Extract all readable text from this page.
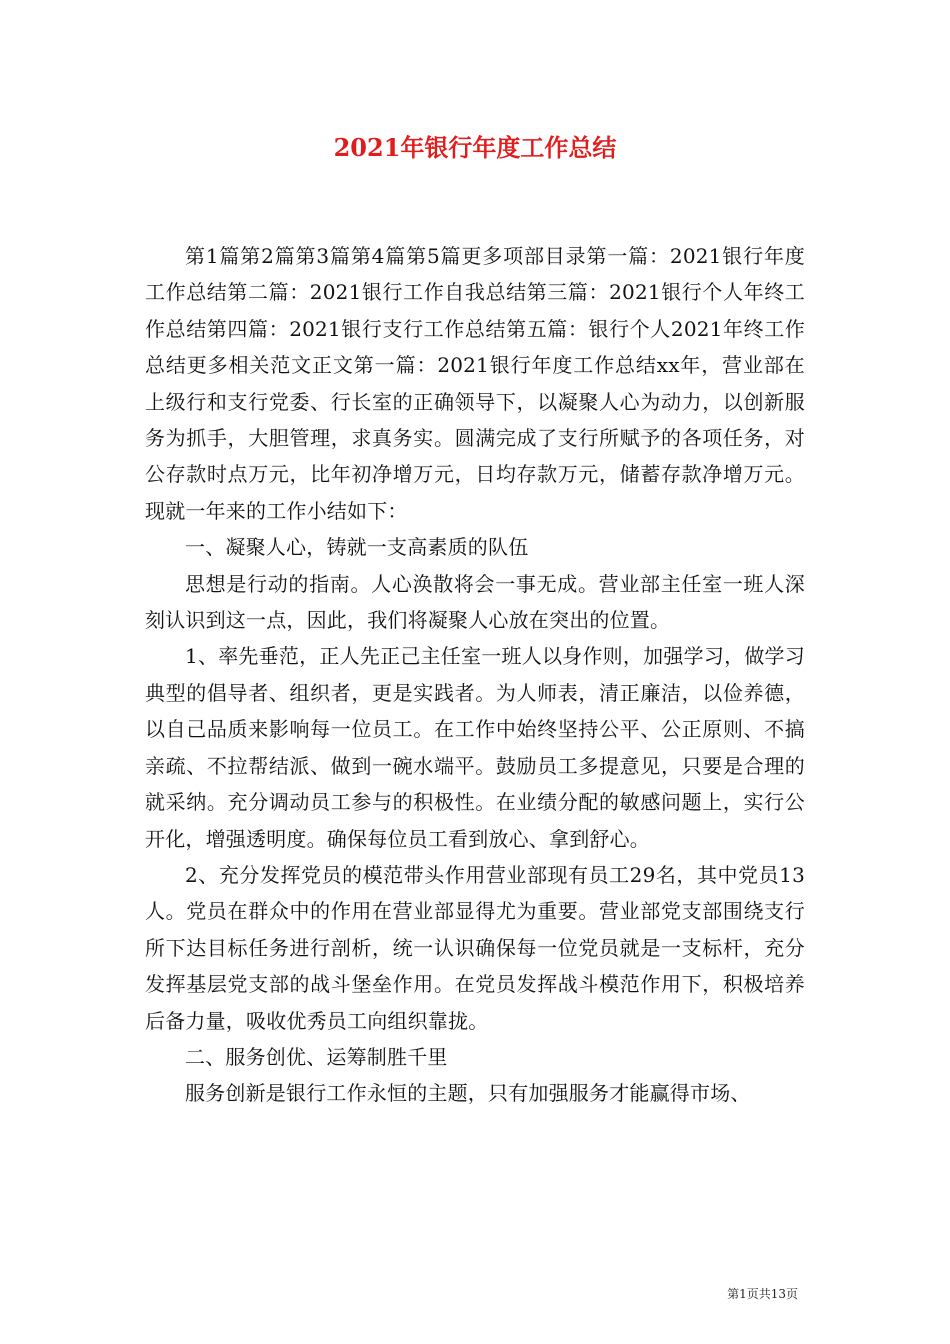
2021年银行年度工作总结

第1篇第2篇第3篇第4篇第5篇更多项部目录第一篇：2021银行年度工作总结第二篇：2021银行工作自我总结第三篇：2021银行个人年终工作总结第四篇：2021银行支行工作总结第五篇：银行个人2021年终工作总结更多相关范文正文第一篇：2021银行年度工作总结xx年，营业部在上级行和支行党委、行长室的正确领导下，以凝聚人心为动力，以创新服务为抓手，大胆管理，求真务实。圆满完成了支行所赋予的各项任务，对公存款时点万元，比年初净增万元，日均存款万元，储蓄存款净增万元。现就一年来的工作小结如下：

一、凝聚人心，铸就一支高素质的队伍

思想是行动的指南。人心涣散将会一事无成。营业部主任室一班人深刻认识到这一点，因此，我们将凝聚人心放在突出的位置。

1、率先垂范，正人先正己主任室一班人以身作则，加强学习，做学习典型的倡导者、组织者，更是实践者。为人师表，清正廉洁，以俭养德，以自己品质来影响每一位员工。在工作中始终坚持公平、公正原则、不搞亲疏、不拉帮结派、做到一碗水端平。鼓励员工多提意见，只要是合理的就采纳。充分调动员工参与的积极性。在业绩分配的敏感问题上，实行公开化，增强透明度。确保每位员工看到放心、拿到舒心。

2、充分发挥党员的模范带头作用营业部现有员工29名，其中党员13人。党员在群众中的作用在营业部显得尤为重要。营业部党支部围绕支行所下达目标任务进行剖析，统一认识确保每一位党员就是一支标杆，充分发挥基层党支部的战斗堡垒作用。在党员发挥战斗模范作用下，积极培养后备力量，吸收优秀员工向组织靠拢。

二、服务创优、运筹制胜千里

服务创新是银行工作永恒的主题，只有加强服务才能赢得市场、

第1页共13页
